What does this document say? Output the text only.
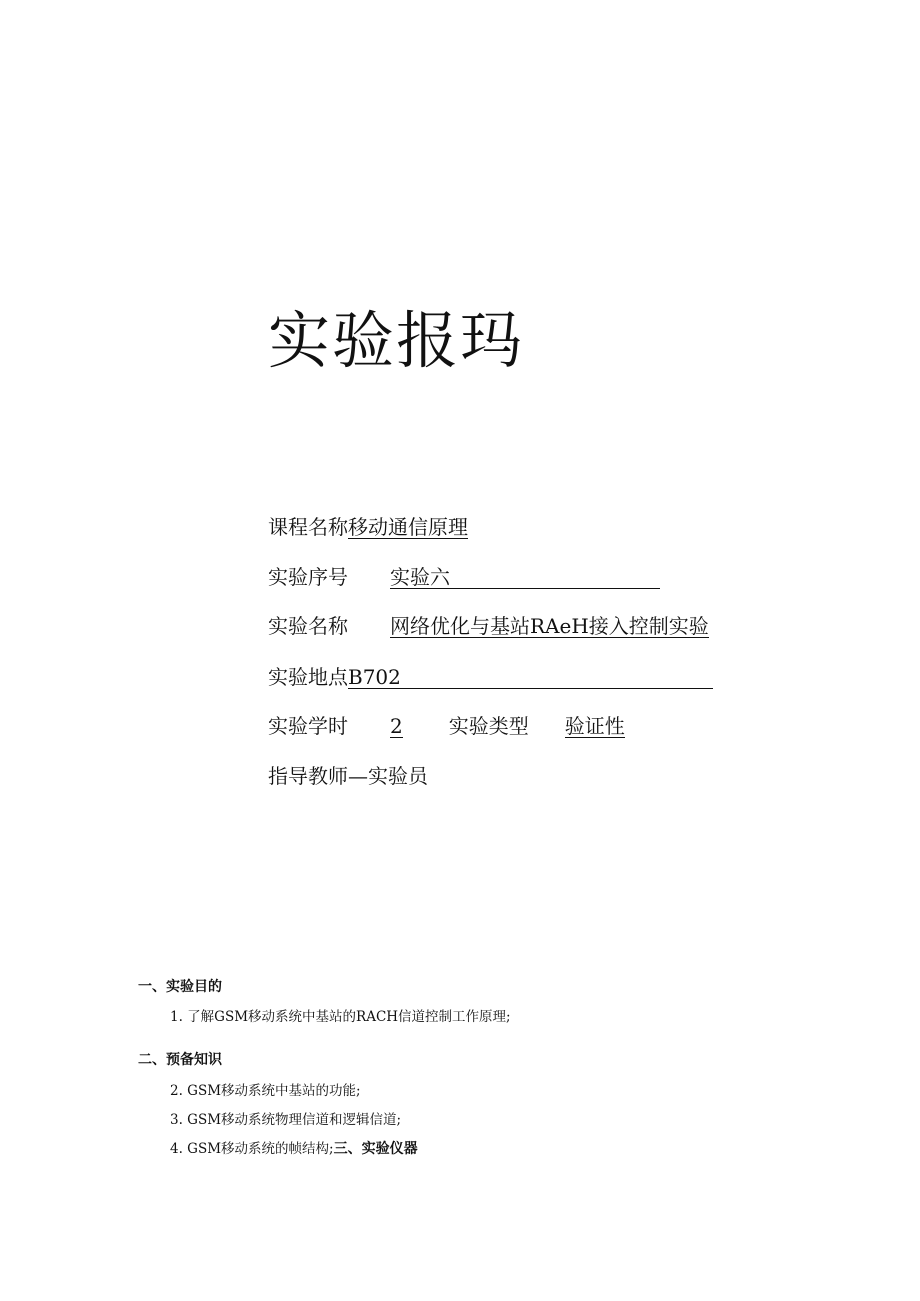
实验报玛
课程名称移动通信原理
实验序号 实验六
实验名称 网络优化与基站RAeH接入控制实验
实验地点B702
实验学时 2 实验类型 验证性
指导教师—实验员
一、实验目的
1. 了解GSM移动系统中基站的RACH信道控制工作原理;
二、预备知识
2. GSM移动系统中基站的功能;
3. GSM移动系统物理信道和逻辑信道;
4. GSM移动系统的帧结构;三、实验仪器
